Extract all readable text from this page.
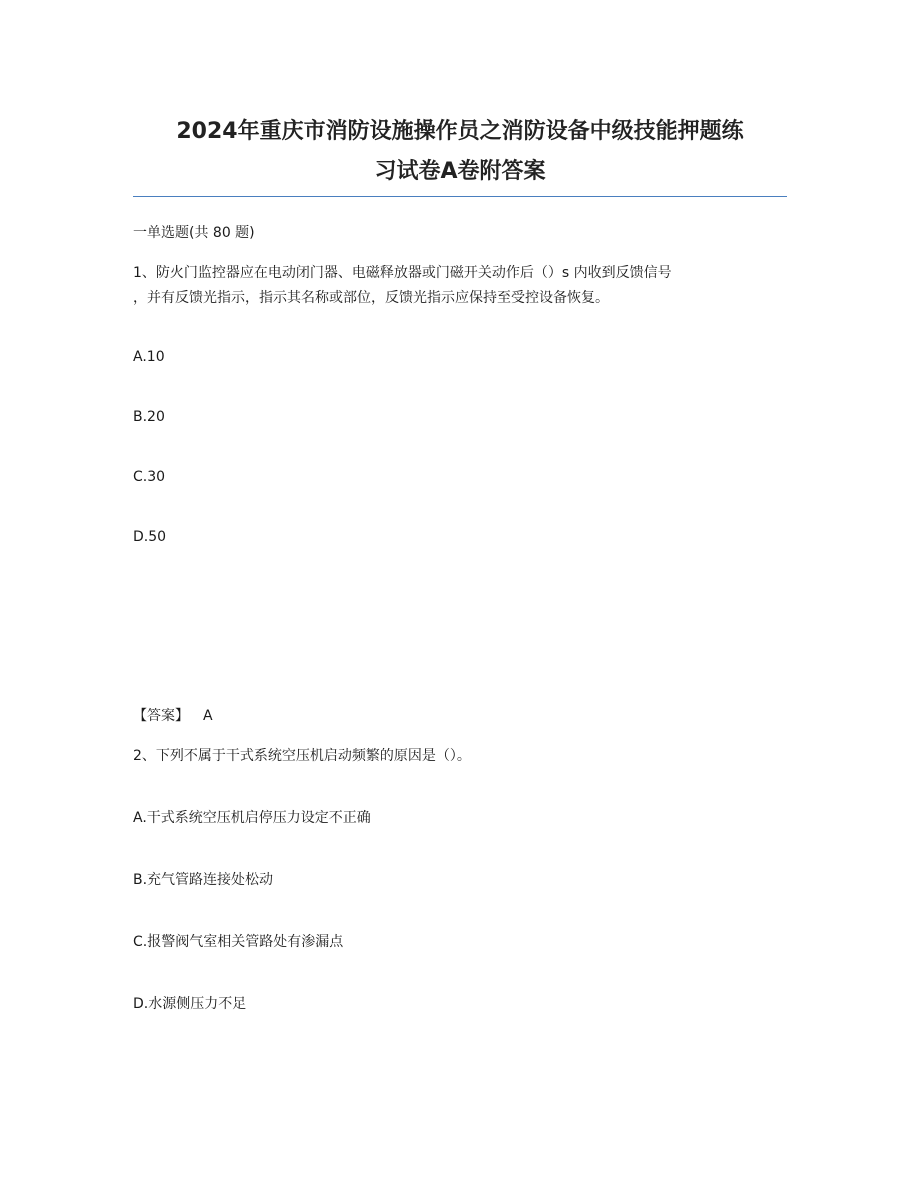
2024年重庆市消防设施操作员之消防设备中级技能押题练
习试卷A卷附答案
一单选题(共 80 题)
1、防火门监控器应在电动闭门器、电磁释放器或门磁开关动作后（）s 内收到反馈信号
，并有反馈光指示，指示其名称或部位，反馈光指示应保持至受控设备恢复。
A.10
B.20
C.30
D.50
【答案】 A
2、下列不属于干式系统空压机启动频繁的原因是（）。
A.干式系统空压机启停压力设定不正确
B.充气管路连接处松动
C.报警阀气室相关管路处有渗漏点
D.水源侧压力不足
